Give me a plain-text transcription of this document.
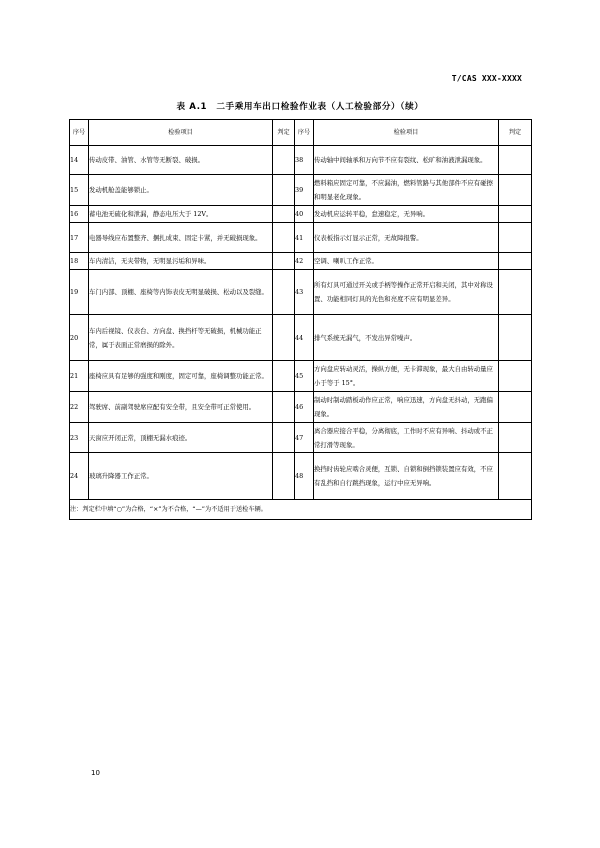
T/CAS XXX-XXXX
表 A.1　二手乘用车出口检验作业表（人工检验部分）（续）
序号	检验项目	判定	序号	检验项目	判定
14	传动皮带、油管、水管等无断裂、破损。		38	传动轴中间轴承和万向节不应有裂纹、松旷和油液泄漏现象。	
15	发动机舱盖能够锁止。		39	燃料箱应固定可靠，不应漏油，燃料管路与其他部件不应有碰擦和明显老化现象。	
16	蓄电池无硫化和泄漏，静态电压大于 12V。		40	发动机应运转平稳，怠速稳定，无异响。	
17	电器导线应布置整齐、捆扎成束、固定卡紧，并无破损现象。		41	仪表板指示灯显示正常，无故障报警。	
18	车内清洁，无夹带物，无明显污垢和异味。		42	空调、喇叭工作正常。	
19	车门内部、顶棚、座椅等内饰表皮无明显破损、松动以及裂缝。		43	所有灯具可通过开关或手柄等操作正常开启和关闭，其中对称设置、功能相同灯具的光色和亮度不应有明显差异。	
20	车内后视镜、仪表台、方向盘、换挡杆等无破损，机械功能正常，属于表面正常磨损的除外。		44	排气系统无漏气，不发出异常噪声。	
21	座椅应具有足够的强度和刚度，固定可靠，座椅调整功能正常。		45	方向盘应转动灵活，操纵方便，无卡滞现象，最大自由转动量应小于等于 15°。	
22	驾驶席、前副驾驶席应配有安全带，且安全带可正常使用。		46	制动时制动踏板动作应正常，响应迅速，方向盘无抖动，无跑偏现象。	
23	天窗应开闭正常，顶棚无漏水痕迹。		47	离合器应接合平稳，分离彻底，工作时不应有异响、抖动或不正常打滑等现象。	
24	玻璃升降器工作正常。		48	换挡时齿轮应啮合灵便，互锁、自锁和倒挡锁装置应有效，不应有乱挡和自行跳挡现象，运行中应无异响。	
注：判定栏中填“○”为合格，“×”为不合格，“—”为不适用于送检车辆。					
10
